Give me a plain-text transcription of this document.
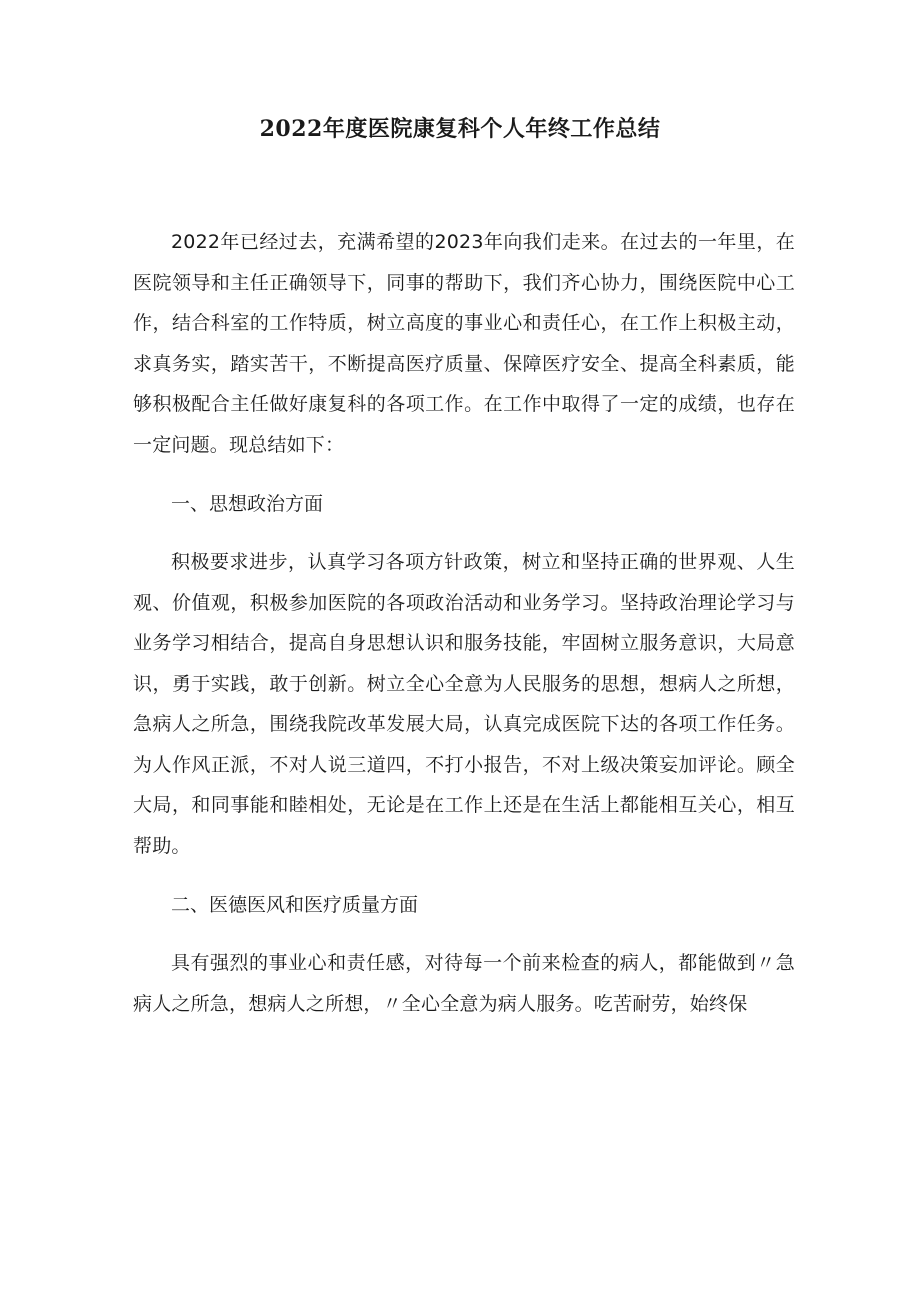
2022年度医院康复科个人年终工作总结

2022年已经过去，充满希望的2023年向我们走来。在过去的一年里，在医院领导和主任正确领导下，同事的帮助下，我们齐心协力，围绕医院中心工作，结合科室的工作特质，树立高度的事业心和责任心，在工作上积极主动，求真务实，踏实苦干，不断提高医疗质量、保障医疗安全、提高全科素质，能够积极配合主任做好康复科的各项工作。在工作中取得了一定的成绩，也存在一定问题。现总结如下：

一、思想政治方面

积极要求进步，认真学习各项方针政策，树立和坚持正确的世界观、人生观、价值观，积极参加医院的各项政治活动和业务学习。坚持政治理论学习与业务学习相结合，提高自身思想认识和服务技能，牢固树立服务意识，大局意识，勇于实践，敢于创新。树立全心全意为人民服务的思想，想病人之所想，急病人之所急，围绕我院改革发展大局，认真完成医院下达的各项工作任务。为人作风正派，不对人说三道四，不打小报告，不对上级决策妄加评论。顾全大局，和同事能和睦相处，无论是在工作上还是在生活上都能相互关心，相互帮助。

二、医德医风和医疗质量方面

具有强烈的事业心和责任感，对待每一个前来检查的病人，都能做到〃急病人之所急，想病人之所想，〃全心全意为病人服务。吃苦耐劳，始终保
